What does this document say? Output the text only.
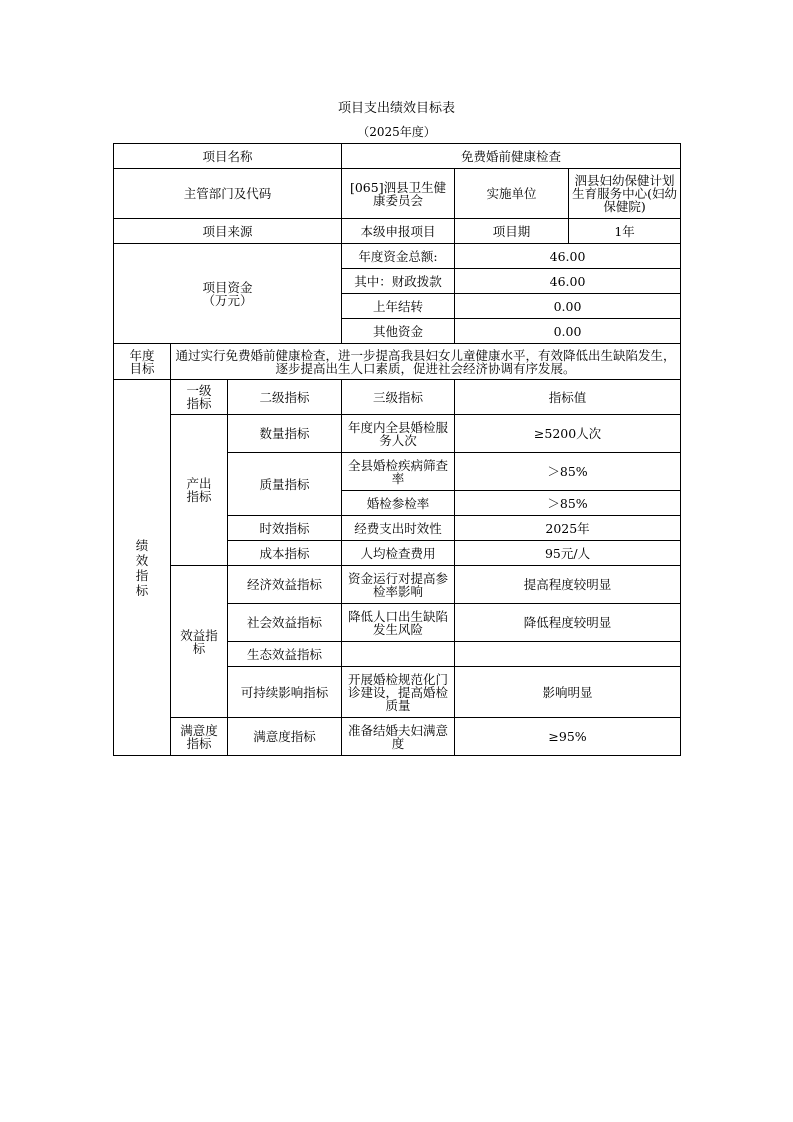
项目支出绩效目标表
（2025年度）
项目名称			免费婚前健康检查		
主管部门及代码			[065]泗县卫生健康委员会	实施单位	泗县妇幼保健计划生育服务中心(妇幼保健院)
项目来源			本级申报项目	项目期	1年
项目资金（万元）			年度资金总额:	46.00	
			其中：财政拨款	46.00	
			上年结转	0.00	
			其他资金	0.00	
年度目标	通过实行免费婚前健康检查，进一步提高我县妇女儿童健康水平，有效降低出生缺陷发生，逐步提高出生人口素质，促进社会经济协调有序发展。				
绩效指标	一级指标	二级指标	三级指标	指标值	
	产出指标	数量指标	年度内全县婚检服务人次	≥5200人次	
		质量指标	全县婚检疾病筛查率	＞85%	
			婚检参检率	＞85%	
		时效指标	经费支出时效性	2025年	
		成本指标	人均检查费用	95元/人	
	效益指标	经济效益指标	资金运行对提高参检率影响	提高程度较明显	
		社会效益指标	降低人口出生缺陷发生风险	降低程度较明显	
		生态效益指标			
		可持续影响指标	开展婚检规范化门诊建设，提高婚检质量	影响明显	
	满意度指标	满意度指标	准备结婚夫妇满意度	≥95%	
